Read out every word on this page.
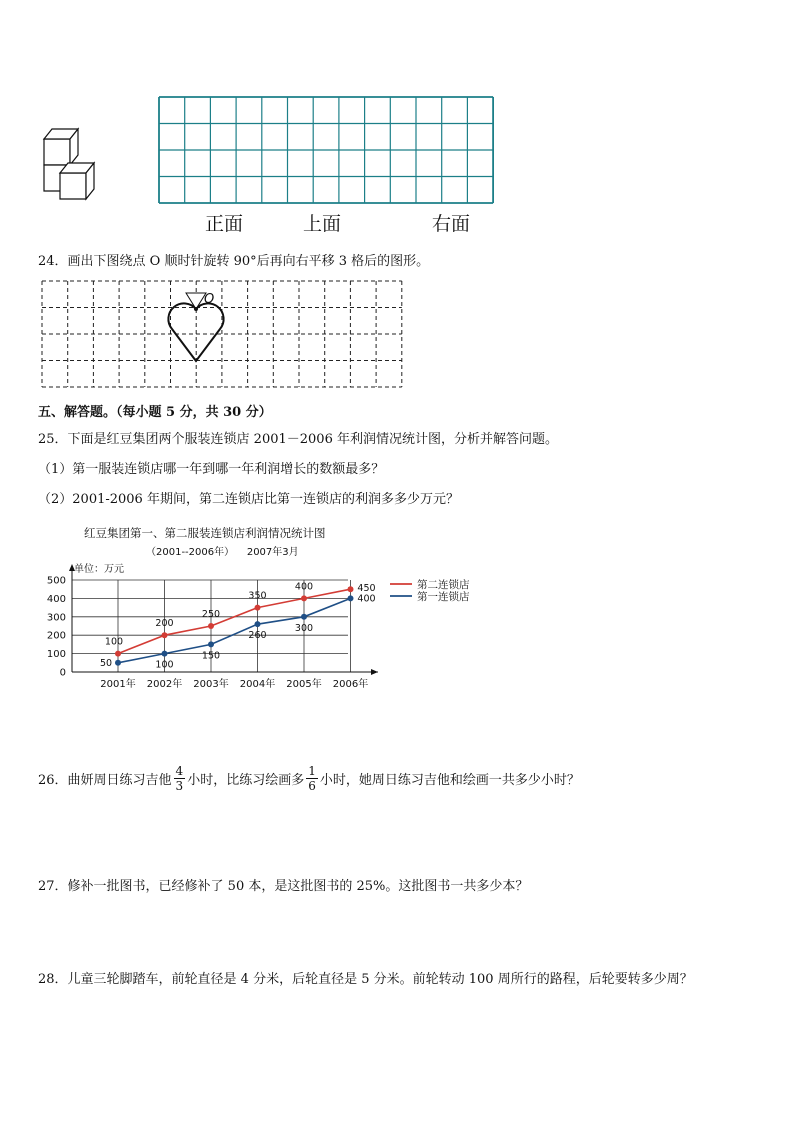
正面	上面	右面
24．画出下图绕点 O 顺时针旋转 90°后再向右平移 3 格后的图形。
O
五、解答题。（每小题 5 分，共 30 分）
25．下面是红豆集团两个服装连锁店 2001－2006 年利润情况统计图，分析并解答问题。
（1）第一服装连锁店哪一年到哪一年利润增长的数额最多？
（2）2001-2006 年期间，第二连锁店比第一连锁店的利润多多少万元？
红豆集团第一、第二服装连锁店利润情况统计图
（2001--2006年）    2007年3月
单位：万元
0
100
200
300
400
500
2001年 2002年 2003年 2004年 2005年 2006年
100
200
250
350
400	450
50	100
150
260
300
400
第二连锁店
第一连锁店
26．曲妍周日练习吉他 $\frac{4}{3}$ 小时，比练习绘画多 $\frac{1}{6}$ 小时，她周日练习吉他和绘画一共多少小时？
27．修补一批图书，已经修补了 50 本，是这批图书的 25%。这批图书一共多少本？
28．儿童三轮脚踏车，前轮直径是 4 分米，后轮直径是 5 分米。前轮转动 100 周所行的路程，后轮要转多少周？
